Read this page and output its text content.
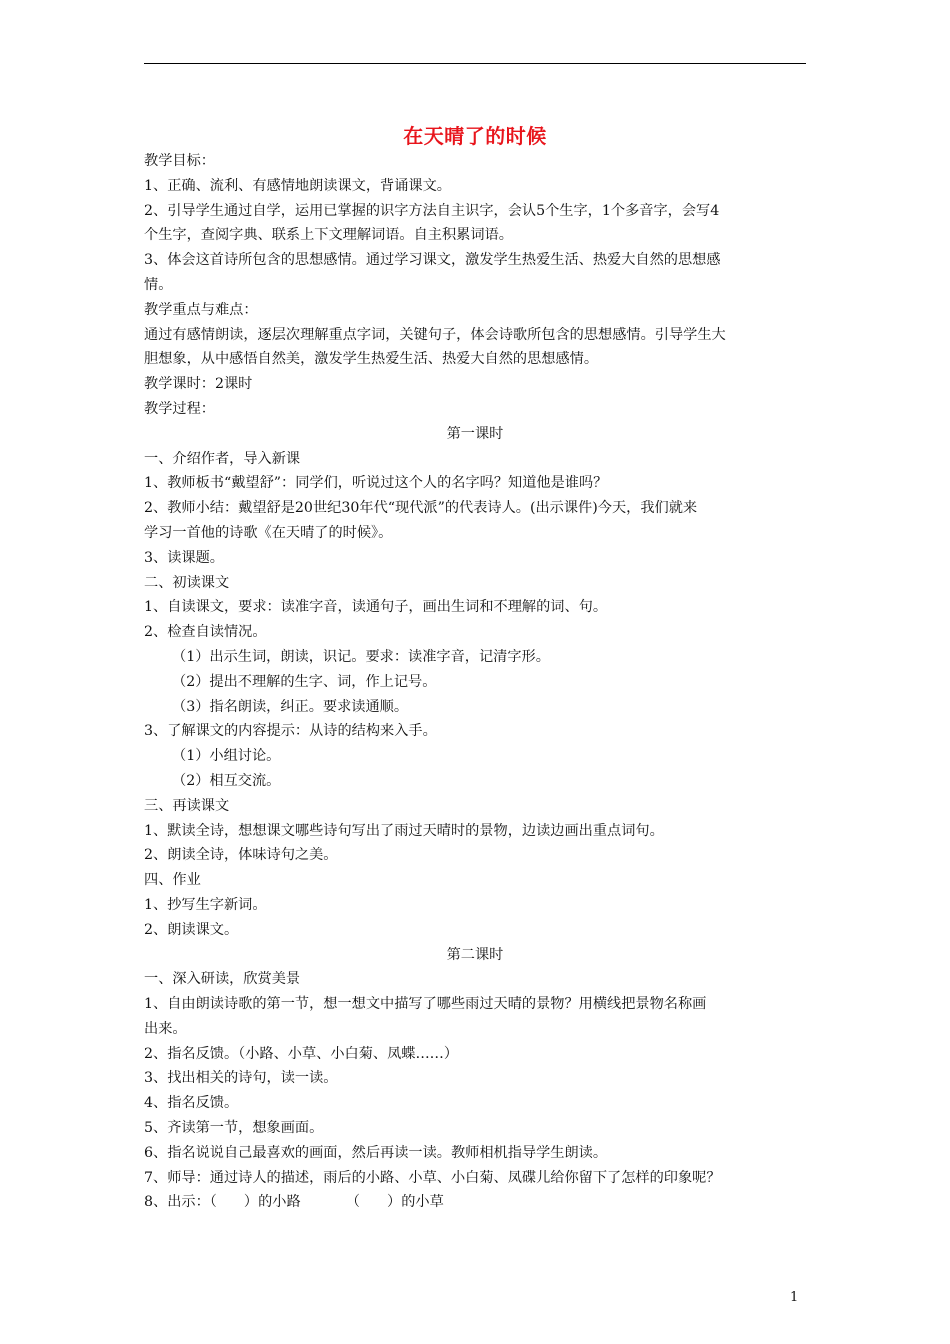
在天晴了的时候
教学目标：
1、正确、流利、有感情地朗读课文，背诵课文。
2、引导学生通过自学，运用已掌握的识字方法自主识字，会认5个生字，1个多音字，会写4
个生字，查阅字典、联系上下文理解词语。自主积累词语。
3、体会这首诗所包含的思想感情。通过学习课文，激发学生热爱生活、热爱大自然的思想感
情。
教学重点与难点：
通过有感情朗读，逐层次理解重点字词，关键句子，体会诗歌所包含的思想感情。引导学生大
胆想象，从中感悟自然美，激发学生热爱生活、热爱大自然的思想感情。
教学课时：2课时
教学过程：
第一课时
一、介绍作者，导入新课
1、教师板书“戴望舒”：同学们，听说过这个人的名字吗？知道他是谁吗？
2、教师小结：戴望舒是20世纪30年代“现代派”的代表诗人。(出示课件)今天，我们就来
学习一首他的诗歌《在天晴了的时候》。
3、读课题。
二、初读课文
1、自读课文，要求：读准字音，读通句子，画出生词和不理解的词、句。
2、检查自读情况。
（1）出示生词，朗读，识记。要求：读准字音，记清字形。
（2）提出不理解的生字、词，作上记号。
（3）指名朗读，纠正。要求读通顺。
3、了解课文的内容提示：从诗的结构来入手。
（1）小组讨论。
（2）相互交流。
三、再读课文
1、默读全诗，想想课文哪些诗句写出了雨过天晴时的景物，边读边画出重点词句。
2、朗读全诗，体味诗句之美。
四、作业
1、抄写生字新词。
2、朗读课文。
第二课时
一、深入研读，欣赏美景
1、自由朗读诗歌的第一节，想一想文中描写了哪些雨过天晴的景物？用横线把景物名称画
出来。
2、指名反馈。（小路、小草、小白菊、凤蝶……）
3、找出相关的诗句，读一读。
4、指名反馈。
5、齐读第一节，想象画面。
6、指名说说自己最喜欢的画面，然后再读一读。教师相机指导学生朗读。
7、师导：通过诗人的描述，雨后的小路、小草、小白菊、凤碟儿给你留下了怎样的印象呢？
8、出示：（      ）的小路          （      ）的小草
1
